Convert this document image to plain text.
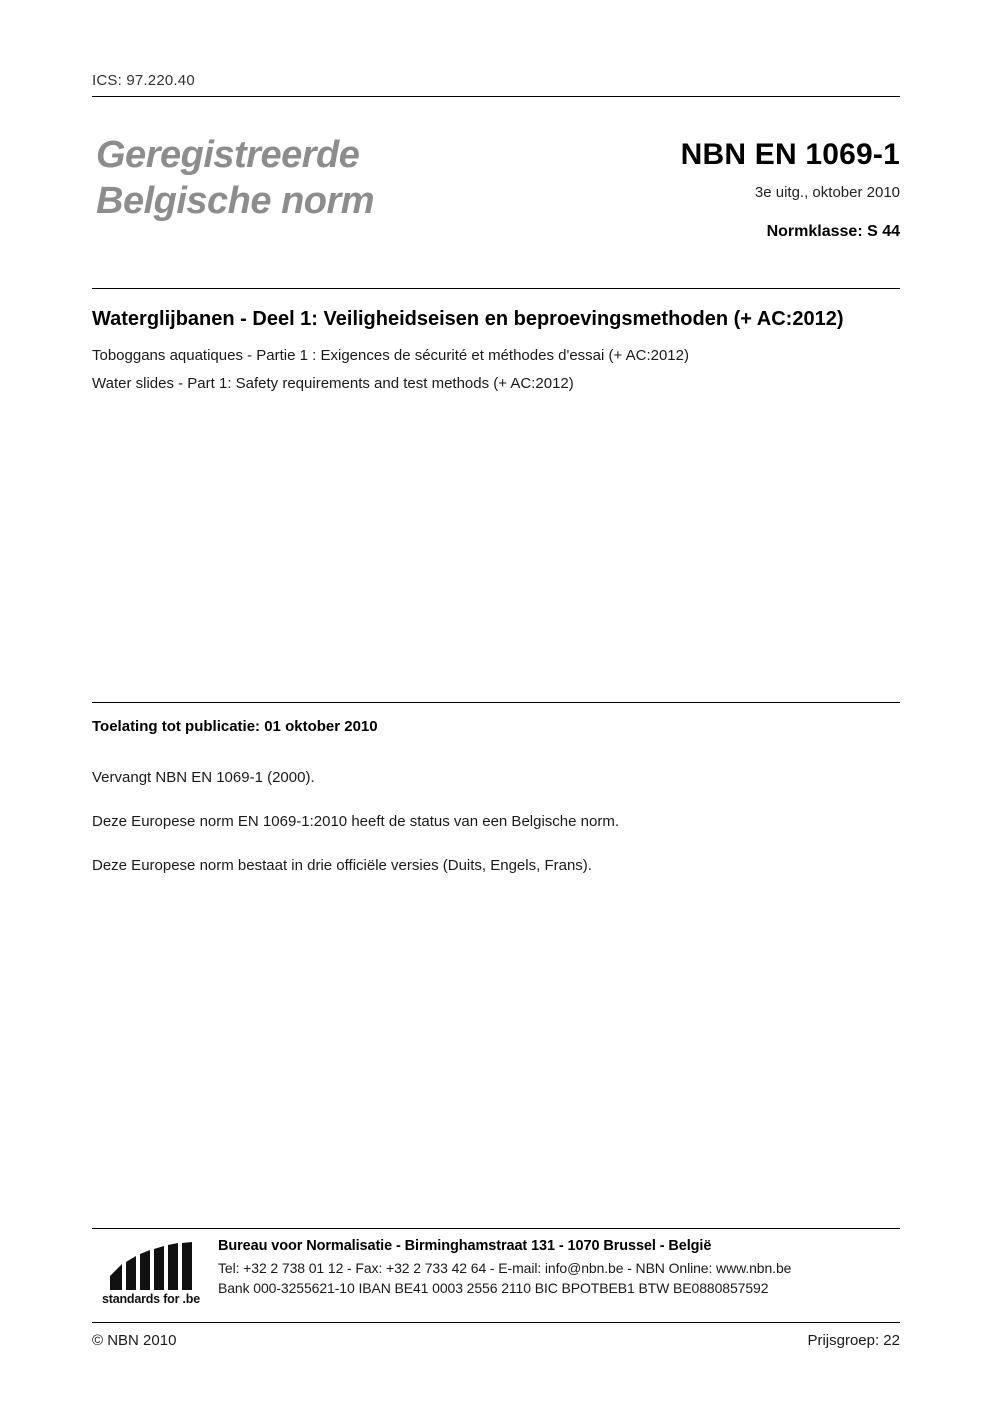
ICS: 97.220.40
Geregistreerde
Belgische norm
NBN EN 1069-1
3e uitg., oktober 2010
Normklasse: S 44
Waterglijbanen - Deel 1: Veiligheidseisen en beproevingsmethoden (+ AC:2012)

Toboggans aquatiques - Partie 1 : Exigences de sécurité et méthodes d'essai (+ AC:2012)

Water slides - Part 1: Safety requirements and test methods (+ AC:2012)

Toelating tot publicatie: 01 oktober 2010

Vervangt NBN EN 1069-1 (2000).

Deze Europese norm EN 1069-1:2010 heeft de status van een Belgische norm.

Deze Europese norm bestaat in drie officiële versies (Duits, Engels, Frans).

standards for .be
Bureau voor Normalisatie - Birminghamstraat 131 - 1070 Brussel - België
Tel: +32 2 738 01 12 - Fax: +32 2 733 42 64 - E-mail: info@nbn.be - NBN Online: www.nbn.be
Bank 000-3255621-10 IBAN BE41 0003 2556 2110 BIC BPOTBEB1 BTW BE0880857592
© NBN 2010	Prijsgroep: 22
